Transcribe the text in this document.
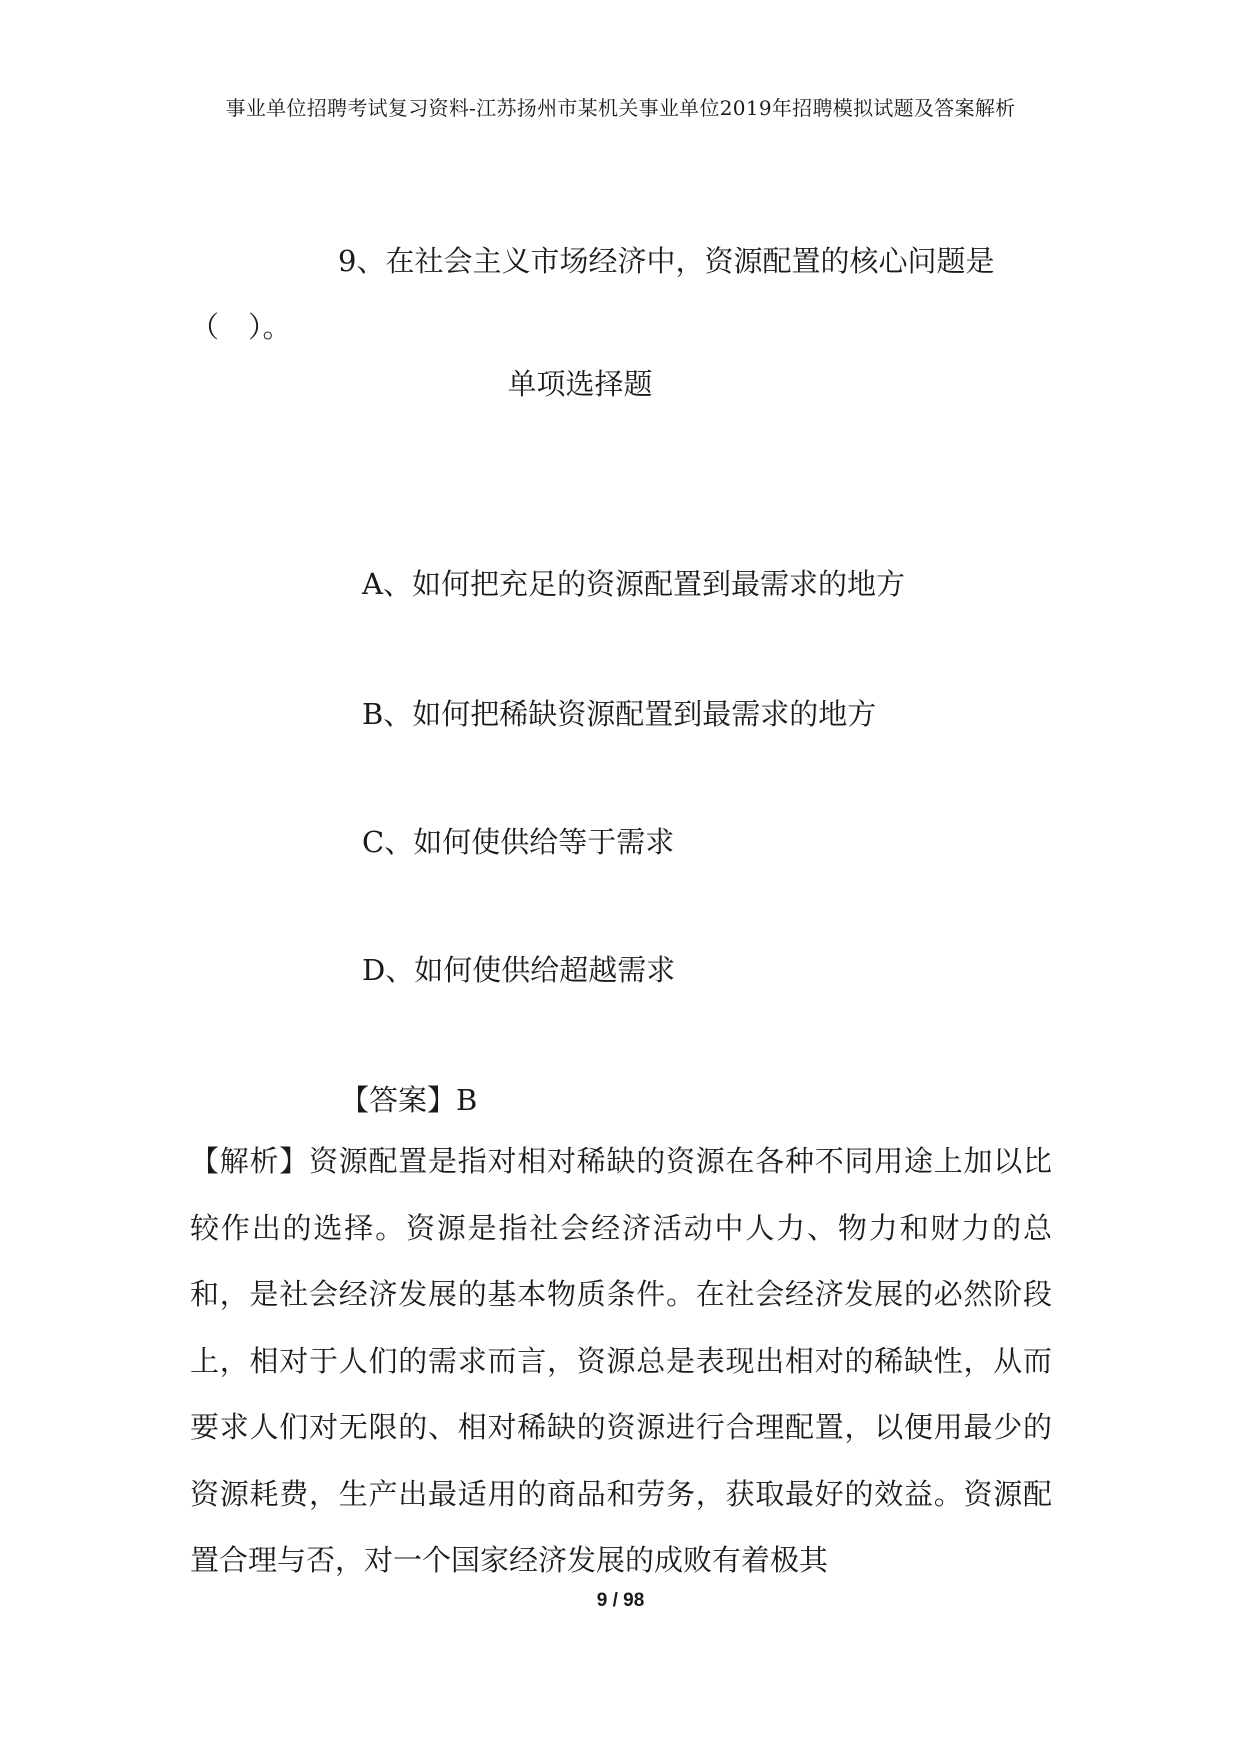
事业单位招聘考试复习资料-江苏扬州市某机关事业单位2019年招聘模拟试题及答案解析
9、在社会主义市场经济中，资源配置的核心问题是（　）。
单项选择题
A、如何把充足的资源配置到最需求的地方
B、如何把稀缺资源配置到最需求的地方
C、如何使供给等于需求
D、如何使供给超越需求
【答案】B
【解析】资源配置是指对相对稀缺的资源在各种不同用途上加以比较作出的选择。资源是指社会经济活动中人力、物力和财力的总和，是社会经济发展的基本物质条件。在社会经济发展的必然阶段上，相对于人们的需求而言，资源总是表现出相对的稀缺性，从而要求人们对无限的、相对稀缺的资源进行合理配置，以便用最少的资源耗费，生产出最适用的商品和劳务，获取最好的效益。资源配置合理与否，对一个国家经济发展的成败有着极其
9 / 98
